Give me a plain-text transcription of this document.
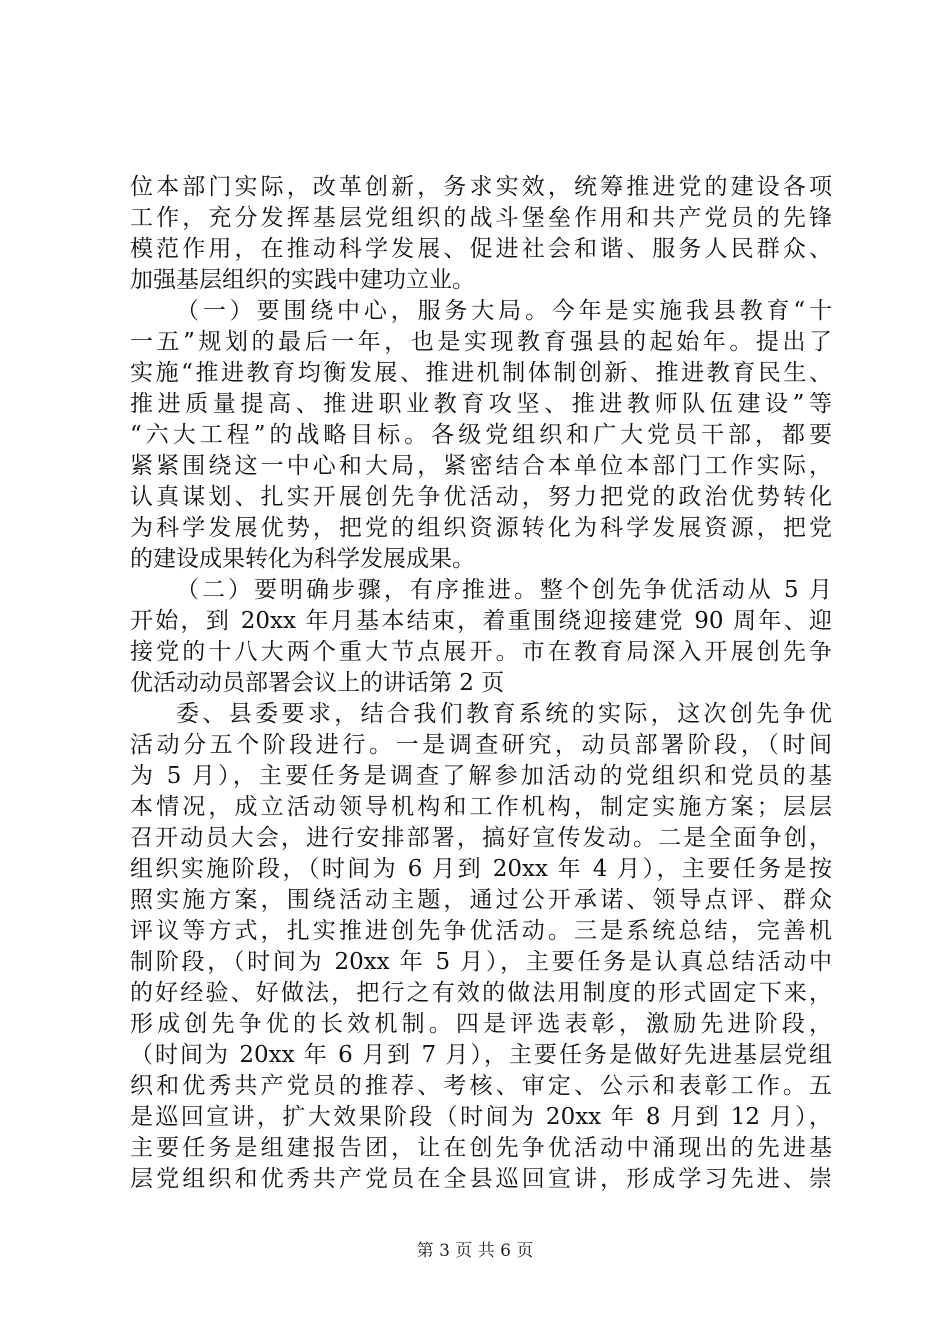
位本部门实际，改革创新，务求实效，统筹推进党的建设各项
工作，充分发挥基层党组织的战斗堡垒作用和共产党员的先锋
模范作用，在推动科学发展、促进社会和谐、服务人民群众、
加强基层组织的实践中建功立业。
（一）要围绕中心，服务大局。今年是实施我县教育“十
一五”规划的最后一年，也是实现教育强县的起始年。提出了
实施“推进教育均衡发展、推进机制体制创新、推进教育民生、
推进质量提高、推进职业教育攻坚、推进教师队伍建设”等
“六大工程”的战略目标。各级党组织和广大党员干部，都要
紧紧围绕这一中心和大局，紧密结合本单位本部门工作实际，
认真谋划、扎实开展创先争优活动，努力把党的政治优势转化
为科学发展优势，把党的组织资源转化为科学发展资源，把党
的建设成果转化为科学发展成果。
（二）要明确步骤，有序推进。整个创先争优活动从 5 月
开始，到 20xx 年月基本结束，着重围绕迎接建党 90 周年、迎
接党的十八大两个重大节点展开。市在教育局深入开展创先争
优活动动员部署会议上的讲话第 2 页
委、县委要求，结合我们教育系统的实际，这次创先争优
活动分五个阶段进行。一是调查研究，动员部署阶段，（时间
为 5 月），主要任务是调查了解参加活动的党组织和党员的基
本情况，成立活动领导机构和工作机构，制定实施方案；层层
召开动员大会，进行安排部署，搞好宣传发动。二是全面争创，
组织实施阶段，（时间为 6 月到 20xx 年 4 月），主要任务是按
照实施方案，围绕活动主题，通过公开承诺、领导点评、群众
评议等方式，扎实推进创先争优活动。三是系统总结，完善机
制阶段，（时间为 20xx 年 5 月），主要任务是认真总结活动中
的好经验、好做法，把行之有效的做法用制度的形式固定下来，
形成创先争优的长效机制。四是评选表彰，激励先进阶段，
（时间为 20xx 年 6 月到 7 月），主要任务是做好先进基层党组
织和优秀共产党员的推荐、考核、审定、公示和表彰工作。五
是巡回宣讲，扩大效果阶段（时间为 20xx 年 8 月到 12 月），
主要任务是组建报告团，让在创先争优活动中涌现出的先进基
层党组织和优秀共产党员在全县巡回宣讲，形成学习先进、崇
第 3 页 共 6 页
